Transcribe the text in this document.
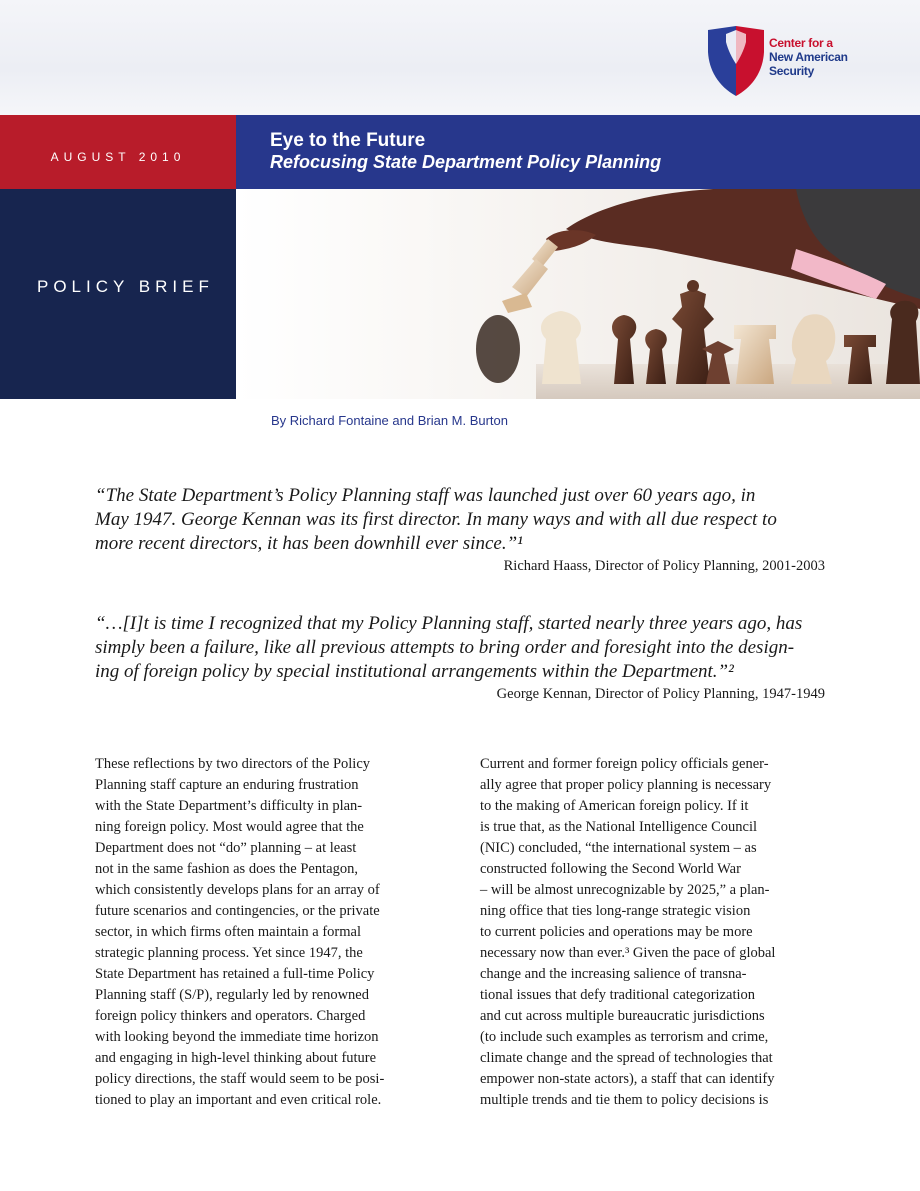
Center for a
New American
Security
AUGUST 2010
Eye to the Future
Refocusing State Department Policy Planning
POLICY BRIEF
By Richard Fontaine and Brian M. Burton
“The State Department’s Policy Planning staff was launched just over 60 years ago, in
May 1947. George Kennan was its first director. In many ways and with all due respect to
more recent directors, it has been downhill ever since.”¹
Richard Haass, Director of Policy Planning, 2001-2003
“…[I]t is time I recognized that my Policy Planning staff, started nearly three years ago, has
simply been a failure, like all previous attempts to bring order and foresight into the design-
ing of foreign policy by special institutional arrangements within the Department.”²
George Kennan, Director of Policy Planning, 1947-1949
These reflections by two directors of the Policy
Planning staff capture an enduring frustration
with the State Department’s difficulty in plan-
ning foreign policy. Most would agree that the
Department does not “do” planning – at least
not in the same fashion as does the Pentagon,
which consistently develops plans for an array of
future scenarios and contingencies, or the private
sector, in which firms often maintain a formal
strategic planning process. Yet since 1947, the
State Department has retained a full-time Policy
Planning staff (S/P), regularly led by renowned
foreign policy thinkers and operators. Charged
with looking beyond the immediate time horizon
and engaging in high-level thinking about future
policy directions, the staff would seem to be posi-
tioned to play an important and even critical role.
Current and former foreign policy officials gener-
ally agree that proper policy planning is necessary
to the making of American foreign policy. If it
is true that, as the National Intelligence Council
(NIC) concluded, “the international system – as
constructed following the Second World War
– will be almost unrecognizable by 2025,” a plan-
ning office that ties long-range strategic vision
to current policies and operations may be more
necessary now than ever.³ Given the pace of global
change and the increasing salience of transna-
tional issues that defy traditional categorization
and cut across multiple bureaucratic jurisdictions
(to include such examples as terrorism and crime,
climate change and the spread of technologies that
empower non-state actors), a staff that can identify
multiple trends and tie them to policy decisions is
